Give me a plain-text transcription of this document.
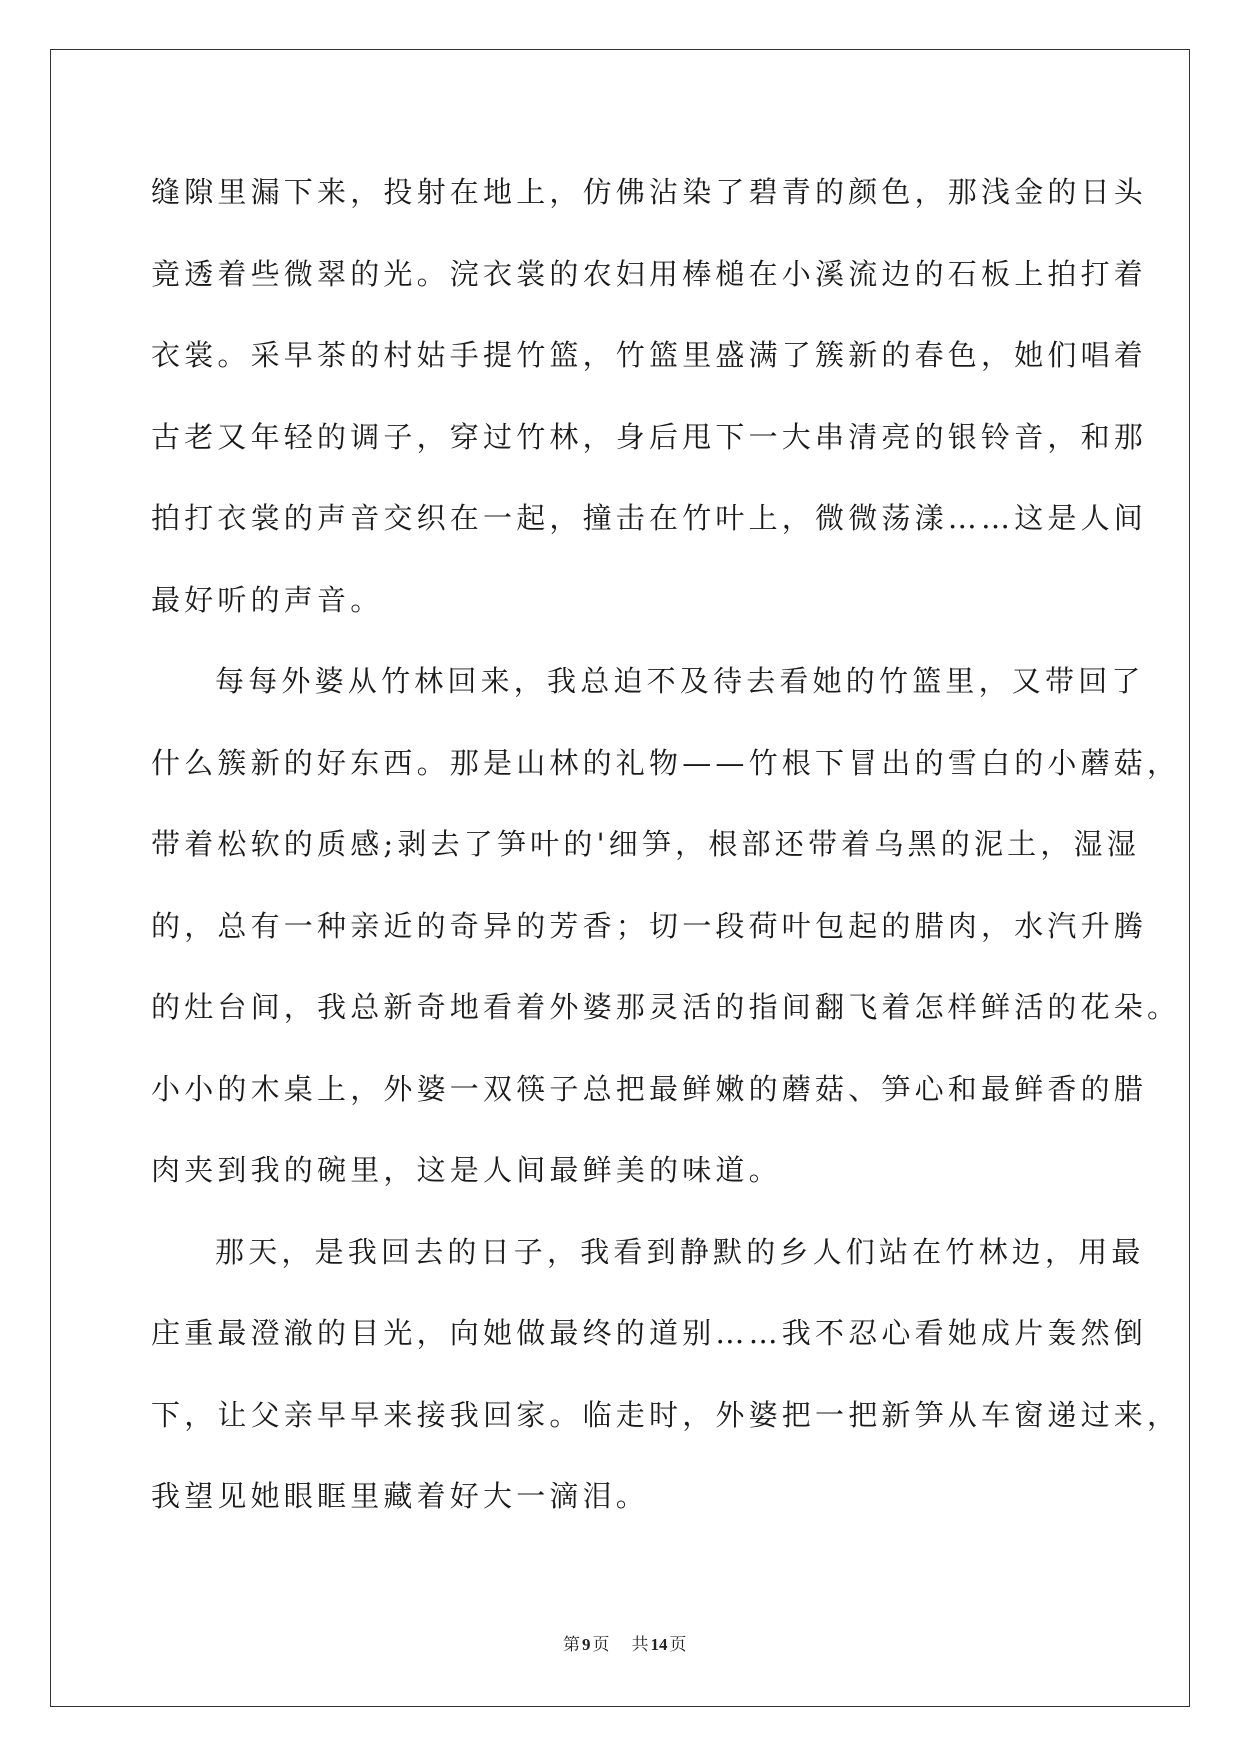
缝隙里漏下来，投射在地上，仿佛沾染了碧青的颜色，那浅金的日头
竟透着些微翠的光。浣衣裳的农妇用棒槌在小溪流边的石板上拍打着
衣裳。采早茶的村姑手提竹篮，竹篮里盛满了簇新的春色，她们唱着
古老又年轻的调子，穿过竹林，身后甩下一大串清亮的银铃音，和那
拍打衣裳的声音交织在一起，撞击在竹叶上，微微荡漾……这是人间
最好听的声音。
每每外婆从竹林回来，我总迫不及待去看她的竹篮里，又带回了
什么簇新的好东西。那是山林的礼物——竹根下冒出的雪白的小蘑菇，
带着松软的质感;剥去了笋叶的'细笋，根部还带着乌黑的泥土，湿湿
的，总有一种亲近的奇异的芳香；切一段荷叶包起的腊肉，水汽升腾
的灶台间，我总新奇地看着外婆那灵活的指间翻飞着怎样鲜活的花朵。
小小的木桌上，外婆一双筷子总把最鲜嫩的蘑菇、笋心和最鲜香的腊
肉夹到我的碗里，这是人间最鲜美的味道。
那天，是我回去的日子，我看到静默的乡人们站在竹林边，用最
庄重最澄澈的目光，向她做最终的道别……我不忍心看她成片轰然倒
下，让父亲早早来接我回家。临走时，外婆把一把新笋从车窗递过来，
我望见她眼眶里藏着好大一滴泪。

第 9 页 共 14 页
